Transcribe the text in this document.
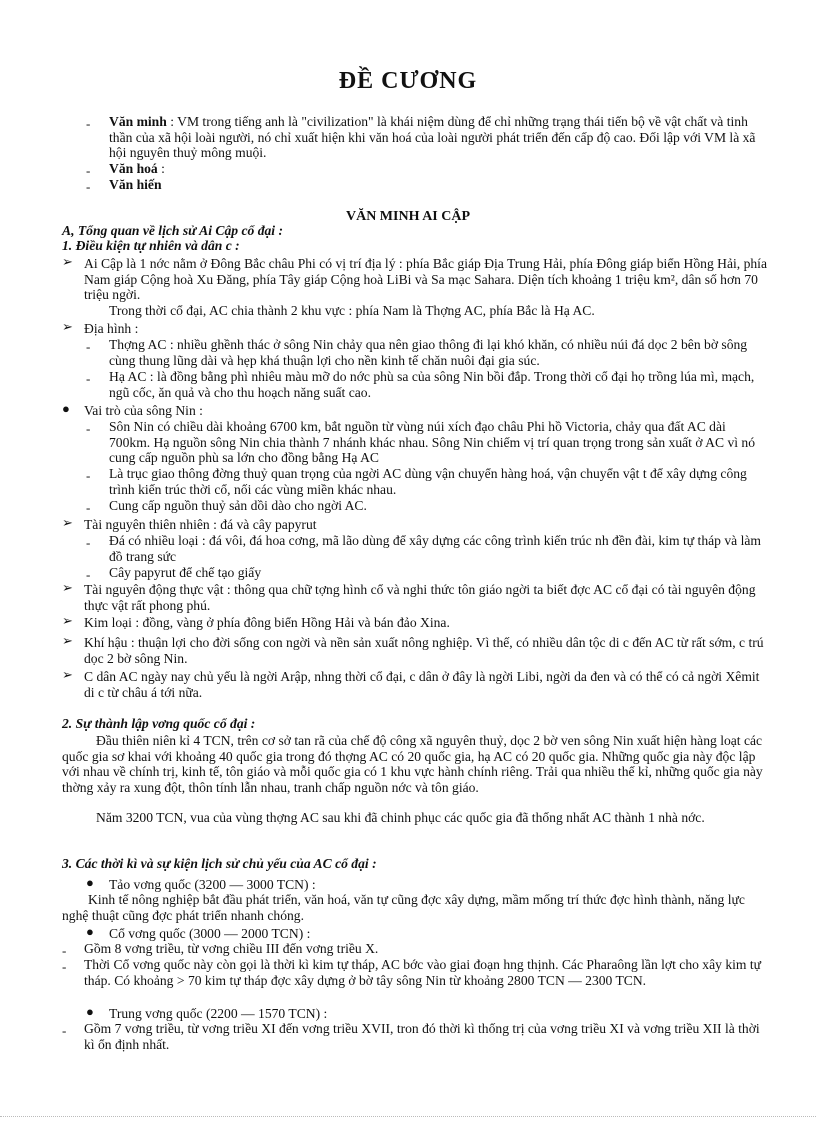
ĐỀ CƯƠNG
- Văn minh : VM trong tiếng anh là "civilization" là khái niệm dùng để chỉ những trạng thái tiến bộ về vật chất và tinh thần của xã hội loài người, nó chỉ xuất hiện khi văn hoá của loài người phát triển đến cấp độ cao. Đối lập với VM là xã hội nguyên thuỷ mông muội.
- Văn hoá :
- Văn hiến
VĂN MINH AI CẬP
A, Tổng quan về lịch sử Ai Cập cổ đại :
1. Điều kiện tự nhiên và dân c :
➢ Ai Cập là 1 nớc nằm ở Đông Bắc châu Phi có vị trí địa lý : phía Bắc giáp Địa Trung Hải, phía Đông giáp biển Hồng Hải, phía Nam giáp Cộng hoà Xu Đăng, phía Tây giáp Cộng hoà LiBi và Sa mạc Sahara. Diện tích khoảng 1 triệu km², dân số hơn 70 triệu ngời.
Trong thời cổ đại, AC chia thành 2 khu vực : phía Nam là Thợng AC, phía Bắc là Hạ AC.
➢ Địa hình :
- Thợng AC : nhiều ghềnh thác ở sông Nin chảy qua nên giao thông đi lại khó khăn, có nhiều núi đá dọc 2 bên bờ sông cùng thung lũng dài và hẹp khá thuận lợi cho nền kinh tế chăn nuôi đại gia súc.
- Hạ AC : là đồng bằng phì nhiêu màu mỡ do nớc phù sa của sông Nin bồi đắp. Trong thời cổ đại họ trồng lúa mì, mạch, ngũ cốc, ăn quả và cho thu hoạch năng suất cao.
● Vai trò của sông Nin :
- Sôn Nin có chiều dài khoảng 6700 km, bắt nguồn từ vùng núi xích đạo châu Phi hồ Victoria, chảy qua đất AC dài 700km. Hạ nguồn sông Nin chia thành 7 nhánh khác nhau. Sông Nin chiếm vị trí quan trọng trong sản xuất ở AC vì nó cung cấp nguồn phù sa lớn cho đồng bằng Hạ AC
- Là trục giao thông đờng thuỷ quan trọng của ngời AC dùng vận chuyển hàng hoá, vận chuyển vật t để xây dựng công trình kiến trúc thời cổ, nối các vùng miền khác nhau.
- Cung cấp nguồn thuỷ sản dồi dào cho ngời AC.
➢ Tài nguyên thiên nhiên : đá và cây papyrut
- Đá có nhiều loại : đá vôi, đá hoa cơng, mã lão dùng để xây dựng các công trình kiến trúc nh đền đài, kim tự tháp và làm đồ trang sức
- Cây papyrut để chế tạo giấy
➢ Tài nguyên động thực vật : thông qua chữ tợng hình cổ và nghi thức tôn giáo ngời ta biết đợc AC cổ đại có tài nguyên động thực vật rất phong phú.
➢ Kim loại : đồng, vàng ở phía đông biển Hồng Hải và bán đảo Xina.
➢ Khí hậu : thuận lợi cho đời sống con ngời và nền sản xuất nông nghiệp. Vì thế, có nhiều dân tộc di c đến AC từ rất sớm, c trú dọc 2 bờ sông Nin.
➢ C dân AC ngày nay chủ yếu là ngời Arập, nhng thời cổ đại, c dân ở đây là ngời Libi, ngời da đen và có thể có cả ngời Xêmit di c từ châu á tới nữa.
2. Sự thành lập vơng quốc cổ đại :
Đầu thiên niên kỉ 4 TCN, trên cơ sở tan rã của chế độ công xã nguyên thuỷ, dọc 2 bờ ven sông Nin xuất hiện hàng loạt các quốc gia sơ khai với khoảng 40 quốc gia trong đó thợng AC có 20 quốc gia, hạ AC có 20 quốc gia. Những quốc gia này độc lập với nhau về chính trị, kinh tế, tôn giáo và mỗi quốc gia có 1 khu vực hành chính riêng. Trải qua nhiều thế kỉ, những quốc gia này thờng xảy ra xung đột, thôn tính lẫn nhau, tranh chấp nguồn nớc và tôn giáo.
Năm 3200 TCN, vua của vùng thợng AC sau khi đã chinh phục các quốc gia đã thống nhất AC thành 1 nhà nớc.
3. Các thời kì và sự kiện lịch sử chủ yếu của AC cổ đại :
● Tảo vơng quốc (3200 — 3000 TCN) :
Kinh tế nông nghiệp bắt đầu phát triển, văn hoá, văn tự cũng đợc xây dựng, mầm mống trí thức đợc hình thành, năng lực nghệ thuật cũng đợc phát triển nhanh chóng.
● Cổ vơng quốc (3000 — 2000 TCN) :
- Gồm 8 vơng triều, từ vơng chiều III đến vơng triều X.
- Thời Cổ vơng quốc này còn gọi là thời kì kim tự tháp, AC bớc vào giai đoạn hng thịnh. Các Pharaông lần lợt cho xây kim tự tháp. Có khoảng > 70 kim tự tháp đợc xây dựng ở bờ tây sông Nin từ khoảng 2800 TCN — 2300 TCN.
● Trung vơng quốc (2200 — 1570 TCN) :
- Gồm 7 vơng triều, từ vơng triều XI đến vơng triều XVII, tron đó thời kì thống trị của vơng triều XI và vơng triều XII là thời kì ổn định nhất.
